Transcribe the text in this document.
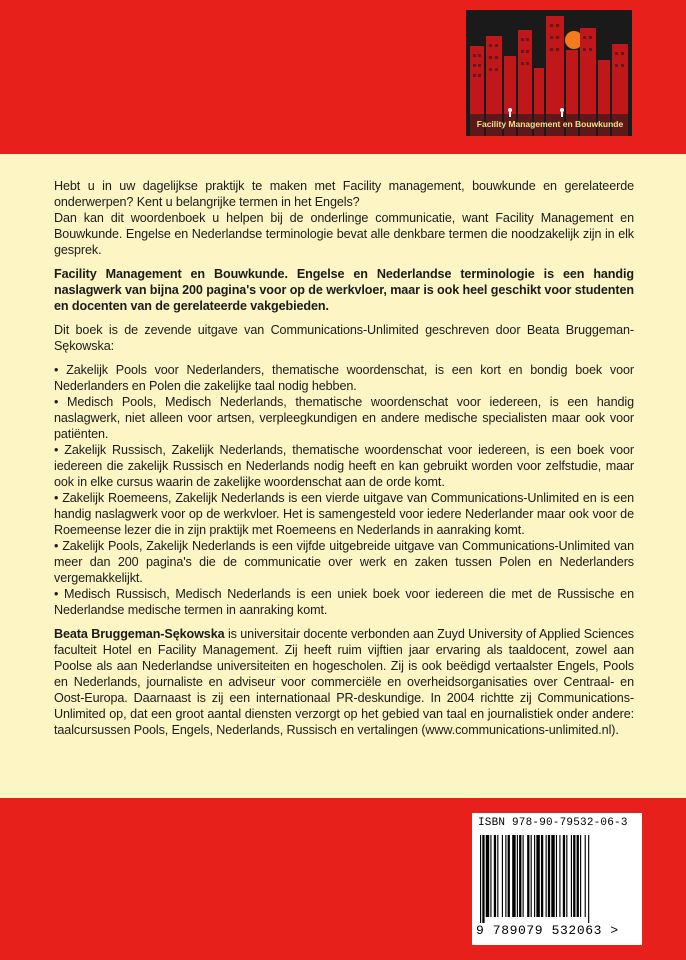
Facility Management en Bouwkunde

Hebt u in uw dagelijkse praktijk te maken met Facility management, bouwkunde en gerelateerde onderwerpen? Kent u belangrijke termen in het Engels?

Dan kan dit woordenboek u helpen bij de onderlinge communicatie, want Facility Management en Bouwkunde. Engelse en Nederlandse terminologie bevat alle denkbare termen die noodzakelijk zijn in elk gesprek.

Facility Management en Bouwkunde. Engelse en Nederlandse terminologie is een handig naslagwerk van bijna 200 pagina's voor op de werkvloer, maar is ook heel geschikt voor studenten en docenten van de gerelateerde vakgebieden.

Dit boek is de zevende uitgave van Communications-Unlimited geschreven door Beata Bruggeman-Sękowska:

• Zakelijk Pools voor Nederlanders, thematische woordenschat, is een kort en bondig boek voor Nederlanders en Polen die zakelijke taal nodig hebben.
• Medisch Pools, Medisch Nederlands, thematische woordenschat voor iedereen, is een handig naslagwerk, niet alleen voor artsen, verpleegkundigen en andere medische specialisten maar ook voor patiënten.
• Zakelijk Russisch, Zakelijk Nederlands, thematische woordenschat voor iedereen, is een boek voor iedereen die zakelijk Russisch en Nederlands nodig heeft en kan gebruikt worden voor zelfstudie, maar ook in elke cursus waarin de zakelijke woordenschat aan de orde komt.
• Zakelijk Roemeens, Zakelijk Nederlands is een vierde uitgave van Communications-Unlimited en is een handig naslagwerk voor op de werkvloer. Het is samengesteld voor iedere Nederlander maar ook voor de Roemeense lezer die in zijn praktijk met Roemeens en Nederlands in aanraking komt.
• Zakelijk Pools, Zakelijk Nederlands is een vijfde uitgebreide uitgave van Communications-Unlimited van meer dan 200 pagina's die de communicatie over werk en zaken tussen Polen en Nederlanders vergemakkelijkt.
• Medisch Russisch, Medisch Nederlands is een uniek boek voor iedereen die met de Russische en Nederlandse medische termen in aanraking komt.

Beata Bruggeman-Sękowska is universitair docente verbonden aan Zuyd University of Applied Sciences faculteit Hotel en Facility Management. Zij heeft ruim vijftien jaar ervaring als taaldocent, zowel aan Poolse als aan Nederlandse universiteiten en hogescholen. Zij is ook beëdigd vertaalster Engels, Pools en Nederlands, journaliste en adviseur voor commerciële en overheidsorganisaties over Centraal- en Oost-Europa. Daarnaast is zij een internationaal PR-deskundige. In 2004 richtte zij Communications-Unlimited op, dat een groot aantal diensten verzorgt op het gebied van taal en journalistiek onder andere: taalcursussen Pools, Engels, Nederlands, Russisch en vertalingen (www.communications-unlimited.nl).

ISBN 978-90-79532-06-3
9 789079 532063 >
